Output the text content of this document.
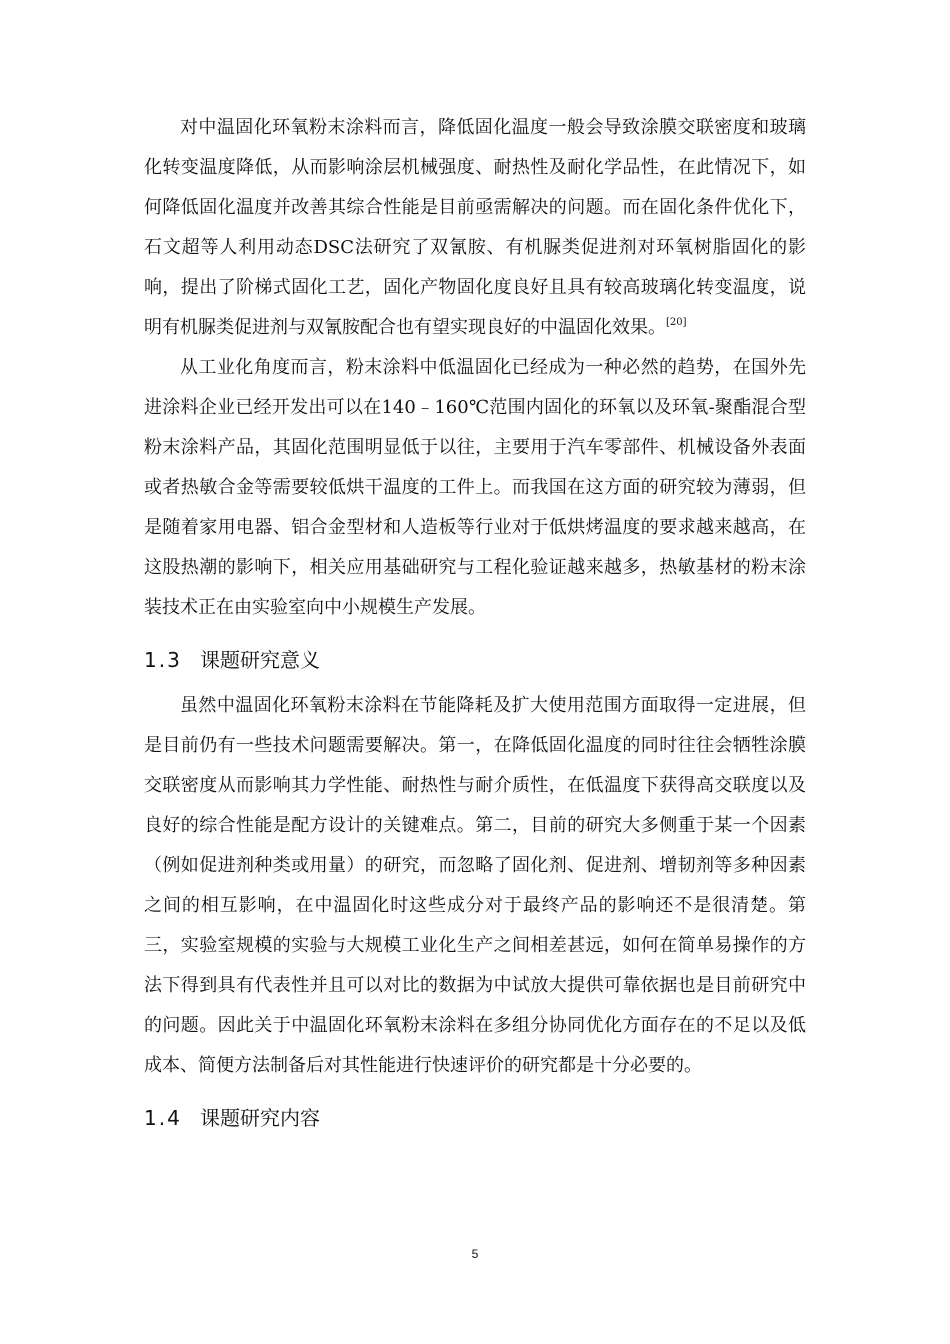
对中温固化环氧粉末涂料而言，降低固化温度一般会导致涂膜交联密度和玻璃化转变温度降低，从而影响涂层机械强度、耐热性及耐化学品性，在此情况下，如何降低固化温度并改善其综合性能是目前亟需解决的问题。而在固化条件优化下，石文超等人利用动态DSC法研究了双氰胺、有机脲类促进剂对环氧树脂固化的影响，提出了阶梯式固化工艺，固化产物固化度良好且具有较高玻璃化转变温度，说明有机脲类促进剂与双氰胺配合也有望实现良好的中温固化效果。[20]

从工业化角度而言，粉末涂料中低温固化已经成为一种必然的趋势，在国外先进涂料企业已经开发出可以在140﹣160℃范围内固化的环氧以及环氧-聚酯混合型粉末涂料产品，其固化范围明显低于以往，主要用于汽车零部件、机械设备外表面或者热敏合金等需要较低烘干温度的工件上。而我国在这方面的研究较为薄弱，但是随着家用电器、铝合金型材和人造板等行业对于低烘烤温度的要求越来越高，在这股热潮的影响下，相关应用基础研究与工程化验证越来越多，热敏基材的粉末涂装技术正在由实验室向中小规模生产发展。

1.3 课题研究意义

虽然中温固化环氧粉末涂料在节能降耗及扩大使用范围方面取得一定进展，但是目前仍有一些技术问题需要解决。第一，在降低固化温度的同时往往会牺牲涂膜交联密度从而影响其力学性能、耐热性与耐介质性，在低温度下获得高交联度以及良好的综合性能是配方设计的关键难点。第二，目前的研究大多侧重于某一个因素（例如促进剂种类或用量）的研究，而忽略了固化剂、促进剂、增韧剂等多种因素之间的相互影响，在中温固化时这些成分对于最终产品的影响还不是很清楚。第三，实验室规模的实验与大规模工业化生产之间相差甚远，如何在简单易操作的方法下得到具有代表性并且可以对比的数据为中试放大提供可靠依据也是目前研究中的问题。因此关于中温固化环氧粉末涂料在多组分协同优化方面存在的不足以及低成本、简便方法制备后对其性能进行快速评价的研究都是十分必要的。

1.4 课题研究内容
5
